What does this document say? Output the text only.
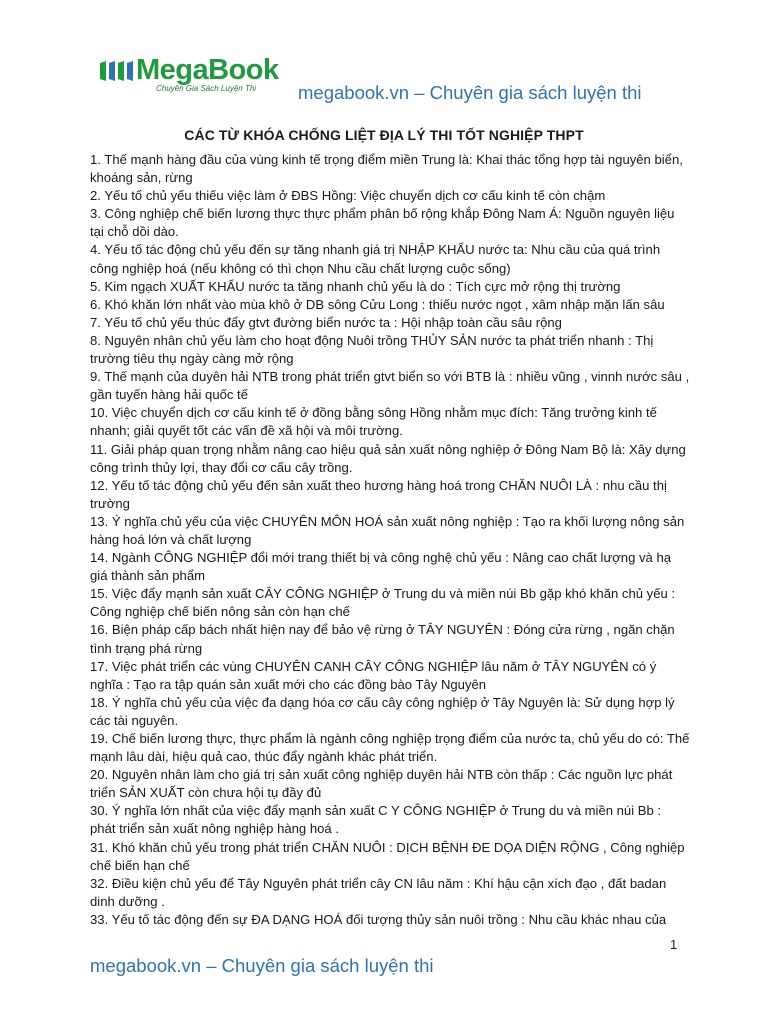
MegaBook
Chuyên Gia Sách Luyện Thi megabook.vn – Chuyên gia sách luyện thi
CÁC TỪ KHÓA CHỐNG LIỆT ĐỊA LÝ THI TỐT NGHIỆP THPT

1. Thế mạnh hàng đầu của vùng kinh tế trọng điểm miền Trung là: Khai thác tổng hợp tài nguyên biển, khoáng sản, rừng

2. Yếu tố chủ yếu thiếu việc làm ở ĐBS Hồng: Việc chuyển dịch cơ cấu kinh tế còn chậm

3. Công nghiệp chế biến lương thực thực phẩm phân bố rộng khắp Đông Nam Á: Nguồn nguyên liệu tại chỗ dồi dào.

4. Yếu tố tác động chủ yếu đến sự tăng nhanh giá trị NHẬP KHẨU nước ta: Nhu cầu của quá trình công nghiệp hoá (nếu không có thì chọn Nhu cầu chất lượng cuộc sống)

5. Kim ngạch XUẤT KHẨU nước ta tăng nhanh chủ yếu là do : Tích cực mở rộng thị trường

6. Khó khăn lớn nhất vào mùa khô ở DB sông Cửu Long : thiếu nước ngọt , xâm nhập mặn lấn sâu

7. Yếu tố chủ yếu thúc đẩy gtvt đường biển nước ta : Hội nhập toàn cầu sâu rộng

8. Nguyên nhân chủ yếu làm cho hoạt động Nuôi trồng THỦY SẢN nước ta phát triển nhanh : Thị trường tiêu thụ ngày càng mở rộng

9. Thế mạnh của duyên hải NTB trong phát triển gtvt biển so với BTB là : nhiều vũng , vinnh nước sâu , gần tuyến hàng hải quốc tế

10. Việc chuyển dịch cơ cấu kinh tế ở đồng bằng sông Hồng nhằm mục đích: Tăng trưởng kinh tế nhanh; giải quyết tốt các vấn đề xã hội và môi trường.

11. Giải pháp quan trọng nhằm nâng cao hiệu quả sản xuất nông nghiệp ở Đông Nam Bộ là: Xây dựng công trình thủy lợi, thay đổi cơ cấu cây trồng.

12. Yếu tố tác động chủ yếu đến sản xuất theo hương hàng hoá trong CHĂN NUÔI LÀ : nhu cầu thị trường

13. Ý nghĩa chủ yếu của việc CHUYÊN MÔN HOÁ sản xuất nông nghiệp : Tạo ra khối lượng nông sản hàng hoá lớn và chất lượng

14. Ngành CÔNG NGHIỆP đổi mới trang thiết bị và công nghệ chủ yếu : Nâng cao chất lượng và hạ giá thành sản phẩm

15. Việc đẩy mạnh sản xuất CÂY CÔNG NGHIỆP ở Trung du và miền núi Bb gặp khó khăn chủ yếu : Công nghiệp chế biến nông sản còn hạn chế

16. Biện pháp cấp bách nhất hiện nay để bảo vệ rừng ở TÂY NGUYÊN : Đóng cửa rừng , ngăn chặn tình trạng phá rừng

17. Việc phát triển các vùng CHUYÊN CANH CÂY CÔNG NGHIỆP lâu năm ở TÂY NGUYÊN có ý nghĩa : Tạo ra tập quán sản xuất mới cho các đồng bào Tây Nguyên

18. Ý nghĩa chủ yếu của việc đa dạng hóa cơ cấu cây công nghiệp ở Tây Nguyên là: Sử dụng hợp lý các tài nguyên.

19. Chế biến lương thực, thực phẩm là ngành công nghiệp trọng điểm của nước ta, chủ yếu do có: Thế mạnh lâu dài, hiệu quả cao, thúc đẩy ngành khác phát triển.

20. Nguyên nhân làm cho giá trị sản xuất công nghiệp duyên hải NTB còn thấp : Các nguồn lực phát triển SẢN XUẤT còn chưa hội tụ đầy đủ

30. Ý nghĩa lớn nhất của việc đẩy mạnh sản xuất C Y CÔNG NGHIỆP ở Trung du và miền núi Bb : phát triển sản xuất nông nghiệp hàng hoá .

31. Khó khăn chủ yếu trong phát triển CHĂN NUÔI : DỊCH BỆNH ĐE DỌA DIỆN RỘNG , Công nghiệp chế biến hạn chế

32. Điều kiện chủ yếu để Tây Nguyên phát triển cây CN lâu năm : Khí hậu cận xích đạo , đất badan dinh dưỡng .

33. Yếu tố tác động đến sự ĐA DẠNG HOÁ đối tượng thủy sản nuôi trồng : Nhu cầu khác nhau của

1
megabook.vn – Chuyên gia sách luyện thi
